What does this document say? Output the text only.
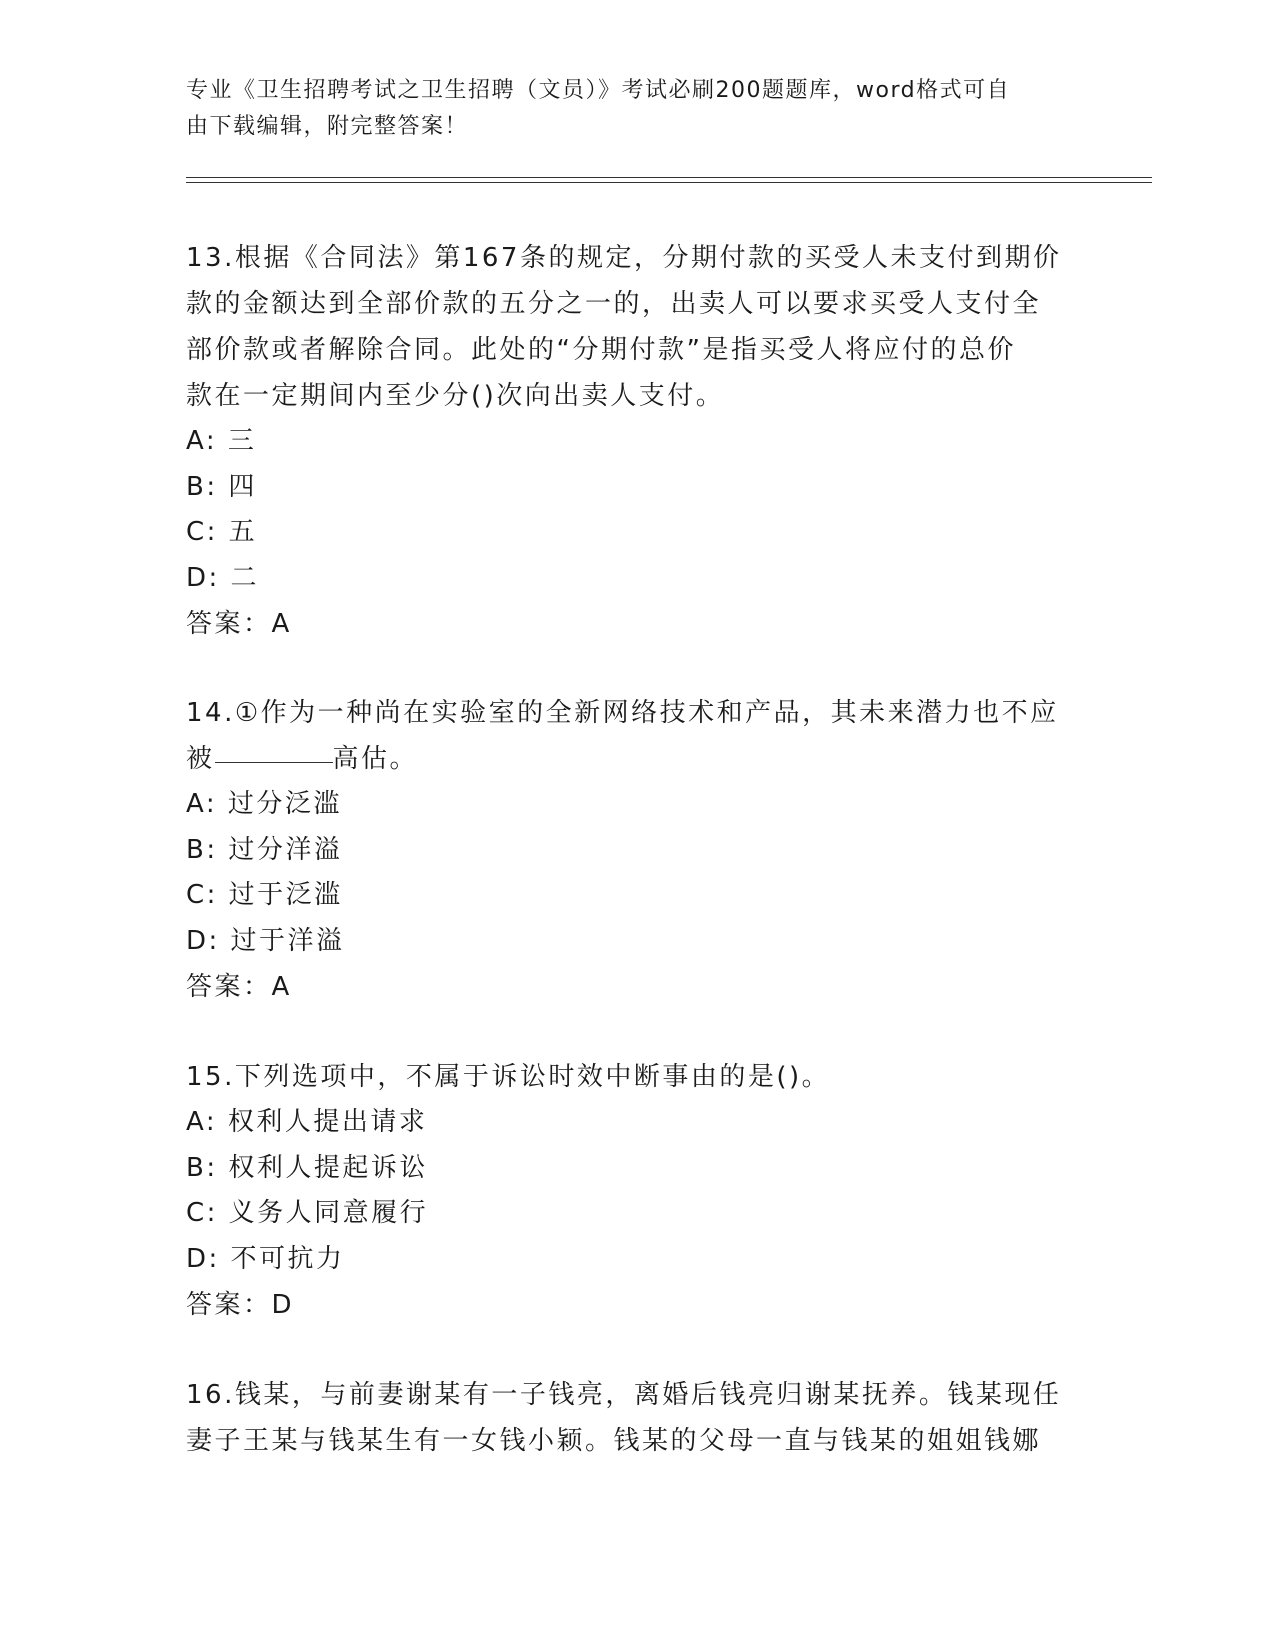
专业《卫生招聘考试之卫生招聘（文员）》考试必刷200题题库，word格式可自
由下载编辑，附完整答案！
13.根据《合同法》第167条的规定，分期付款的买受人未支付到期价
款的金额达到全部价款的五分之一的，出卖人可以要求买受人支付全
部价款或者解除合同。此处的“分期付款”是指买受人将应付的总价
款在一定期间内至少分()次向出卖人支付。
A: 三
B: 四
C: 五
D: 二
答案：A
14.①作为一种尚在实验室的全新网络技术和产品，其未来潜力也不应
被	高估。
A: 过分泛滥
B: 过分洋溢
C: 过于泛滥
D: 过于洋溢
答案：A
15.下列选项中，不属于诉讼时效中断事由的是()。
A: 权利人提出请求
B: 权利人提起诉讼
C: 义务人同意履行
D: 不可抗力
答案：D
16.钱某，与前妻谢某有一子钱亮，离婚后钱亮归谢某抚养。钱某现任
妻子王某与钱某生有一女钱小颖。钱某的父母一直与钱某的姐姐钱娜
